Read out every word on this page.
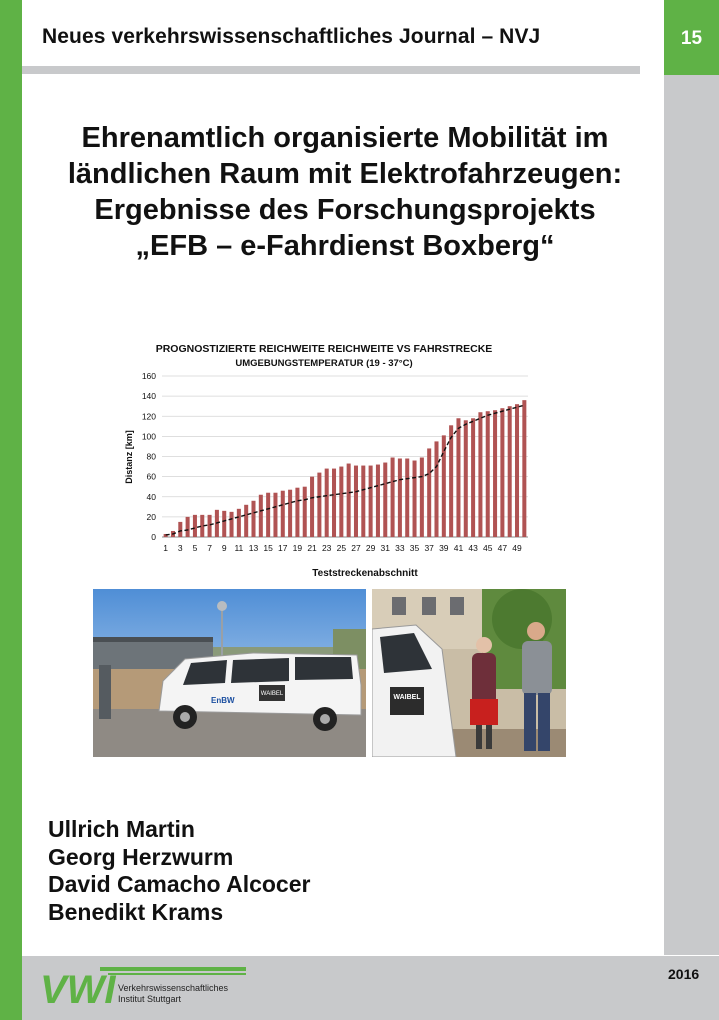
15
Neues verkehrswissenschaftliches Journal – NVJ
Ehrenamtlich organisierte Mobilität im
ländlichen Raum mit Elektrofahrzeugen:
Ergebnisse des Forschungsprojekts
„EFB – e-Fahrdienst Boxberg“
PROGNOSTIZIERTE REICHWEITE REICHWEITE VS FAHRSTRECKE
UMGEBUNGSTEMPERATUR (19 - 37°C)
Distanz [km]
Teststreckenabschnitt
0
20
40
60
80
100
120
140
160
1 3 5 7 9 11 13 15 17 19 21 23 25 27 29 31 33 35 37 39 41 43 45 47 49
WAIBEL
EnBW	WAIBEL
Ullrich Martin
Georg Herzwurm
David Camacho Alcocer
Benedikt Krams
2016
VWI Verkehrswissenschaftliches
Institut Stuttgart
